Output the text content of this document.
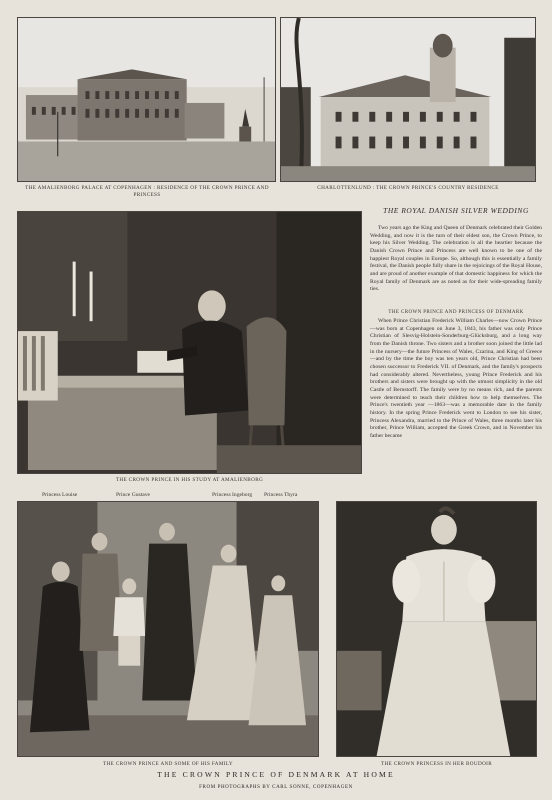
THE AMALIENBORG PALACE AT COPENHAGEN : RESIDENCE OF THE CROWN PRINCE AND PRINCESS
CHARLOTTENLUND : THE CROWN PRINCE'S COUNTRY RESIDENCE
THE CROWN PRINCE IN HIS STUDY AT AMALIENBORG
THE ROYAL DANISH SILVER WEDDING
Two years ago the King and Queen of Denmark celebrated their Golden Wedding, and now it is the turn of their eldest son, the Crown Prince, to keep his Silver Wedding. The celebration is all the heartier because the Danish Crown Prince and Princess are well known to be one of the happiest Royal couples in Europe. So, although this is essentially a family festival, the Danish people fully share in the rejoicings of the Royal House, and are proud of another example of that domestic happiness for which the Royal family of Denmark are as noted as for their wide-spreading family ties.
THE CROWN PRINCE AND PRINCESS OF DENMARK
When Prince Christian Frederick William Charles—now Crown Prince—was born at Copenhagen on June 3, 1843, his father was only Prince Christian of Slesvig-Holstein-Sonderburg-Glücksburg, and a long way from the Danish throne. Two sisters and a brother soon joined the little lad in the nursery—the future Princess of Wales, Czarina, and King of Greece—and by the time the boy was ten years old, Prince Christian had been chosen successor to Frederick VII. of Denmark, and the family's prospects had considerably altered. Nevertheless, young Prince Frederick and his brothers and sisters were brought up with the utmost simplicity in the old Castle of Bernstorff. The family were by no means rich, and the parents were determined to teach their children how to help themselves. The Prince's twentieth year —1863—was a memorable date in the family history. In the spring Prince Frederick went to London to see his sister, Princess Alexandra, married to the Prince of Wales, three months later his brother, Prince William, accepted the Greek Crown, and in November his father became
Princess Louise	Prince Gustave	Princess Ingeborg Princess Thyra
THE CROWN PRINCE AND SOME OF HIS FAMILY	THE CROWN PRINCESS IN HER BOUDOIR
THE CROWN PRINCE OF DENMARK AT HOME
FROM PHOTOGRAPHS BY CARL SONNE, COPENHAGEN
